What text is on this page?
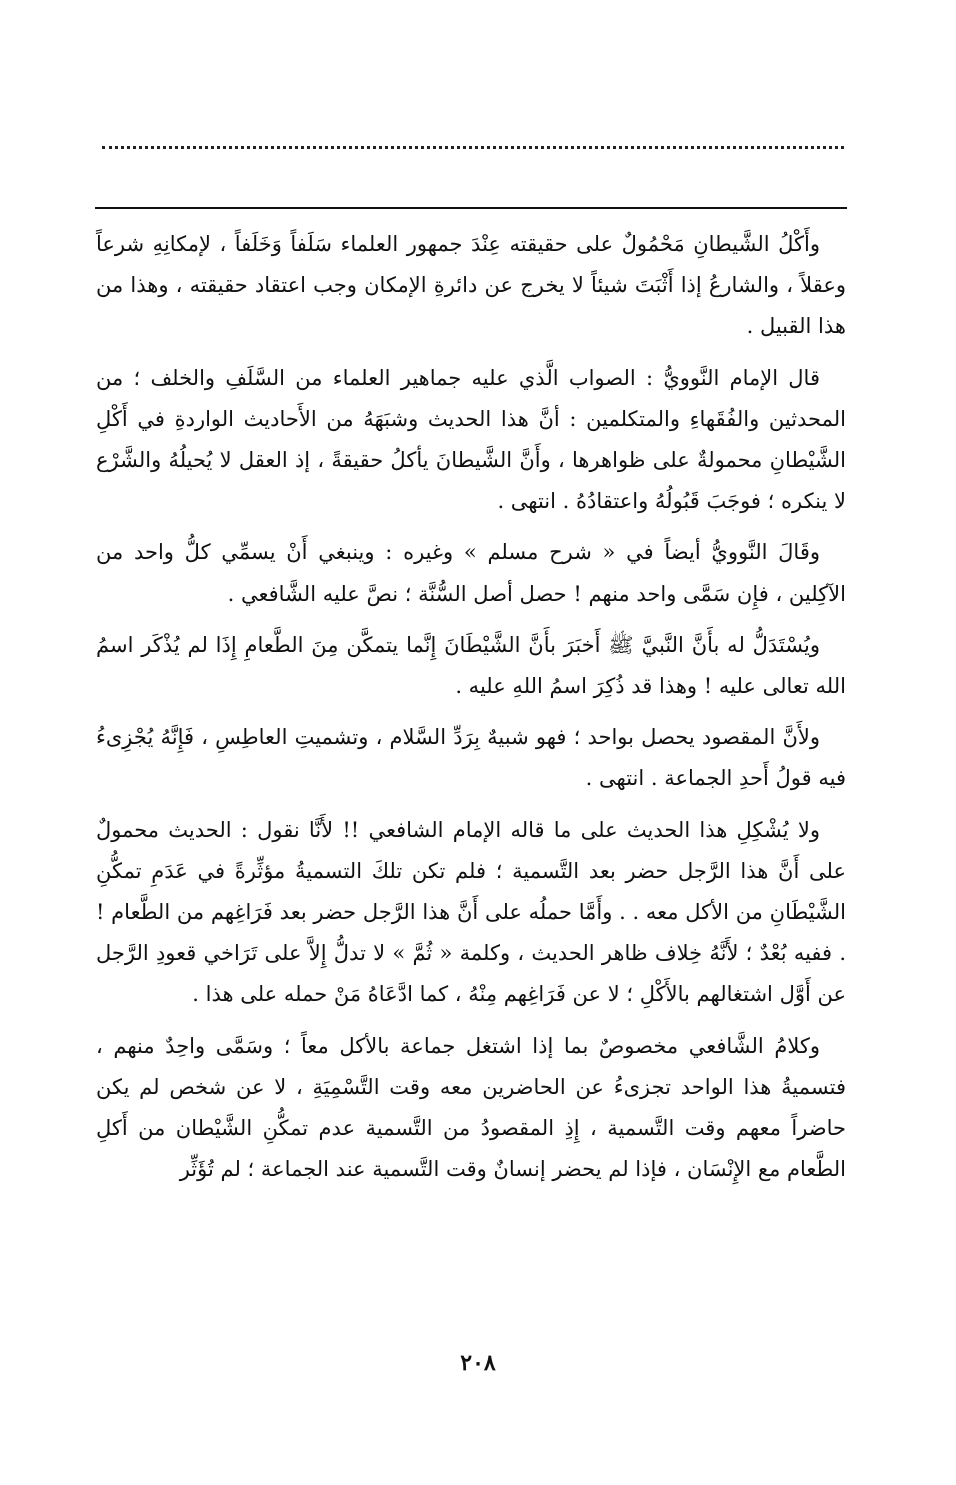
وأَكْلُ الشَّيطانِ مَحْمُولٌ على حقيقته عِنْدَ جمهور العلماء سَلَفاً وَخَلَفاً ، لإمكانِهِ شرعاً وعقلاً ، والشارعُ إذا أَثْبَتَ شيئاً لا يخرج عن دائرةِ الإمكان وجب اعتقاد حقيقته ، وهذا من هذا القبيل .

قال الإمام النَّوويُّ : الصواب الَّذي عليه جماهير العلماء من السَّلَفِ والخلف ؛ من المحدثين والفُقَهاءِ والمتكلمين : أنَّ هذا الحديث وشبَهَهُ من الأَحاديث الواردةِ في أَكْلِ الشَّيْطانِ محمولةٌ على ظواهرها ، وأَنَّ الشَّيطانَ يأكلُ حقيقةً ، إذ العقل لا يُحيلُهُ والشَّرْع لا ينكره ؛ فوجَبَ قَبُولُهُ واعتقادُهُ . انتهى .

وقَالَ النَّوويُّ أيضاً في « شرح مسلم » وغيره : وينبغي أَنْ يسمِّي كلُّ واحد من الآكِلين ، فإِن سَمَّى واحد منهم ! حصل أصل السُّنَّة ؛ نصَّ عليه الشَّافعي .

ويُسْتَدَلُّ له بأَنَّ النَّبيَّ ﷺ أَخبَرَ بأَنَّ الشَّيْطَانَ إِنَّما يتمكَّن مِنَ الطَّعامِ إِذَا لم يُذْكَر اسمُ الله تعالى عليه ! وهذا قد ذُكِرَ اسمُ اللهِ عليه .

ولأَنَّ المقصود يحصل بواحد ؛ فهو شبيهٌ بِرَدِّ السَّلام ، وتشميتِ العاطِسِ ، فَإِنَّهُ يُجْزِىءُ فيه قولُ أَحدِ الجماعة . انتهى .

ولا يُشْكِلِ هذا الحديث على ما قاله الإمام الشافعي !! لأَنَّا نقول : الحديث محمولٌ على أَنَّ هذا الرَّجل حضر بعد التَّسمية ؛ فلم تكن تلكَ التسميةُ مؤثِّرةً في عَدَمِ تمكُّنِ الشَّيْطَانِ من الأكل معه . . وأَمَّا حملُه على أَنَّ هذا الرَّجل حضر بعد فَرَاغِهم من الطَّعام ! . ففيه بُعْدٌ ؛ لأَنَّهُ خِلاف ظاهر الحديث ، وكلمة « ثُمَّ » لا تدلُّ إِلاَّ على تَرَاخي قعودِ الرَّجل عن أَوَّل اشتغالهم بالأَكْلِ ؛ لا عن فَرَاغِهم مِنْهُ ، كما ادَّعَاهُ مَنْ حمله على هذا .

وكلامُ الشَّافعي مخصوصٌ بما إذا اشتغل جماعة بالأكل معاً ؛ وسَمَّى واحِدٌ منهم ، فتسميةُ هذا الواحد تجزىءُ عن الحاضرين معه وقت التَّسْمِيَةِ ، لا عن شخص لم يكن حاضراً معهم وقت التَّسمية ، إِذِ المقصودُ من التَّسمية عدم تمكُّنِ الشَّيْطان من أَكلِ الطَّعام مع الإِنْسَان ، فإذا لم يحضر إنسانٌ وقت التَّسمية عند الجماعة ؛ لم تُؤَثِّر

٢٠٨
